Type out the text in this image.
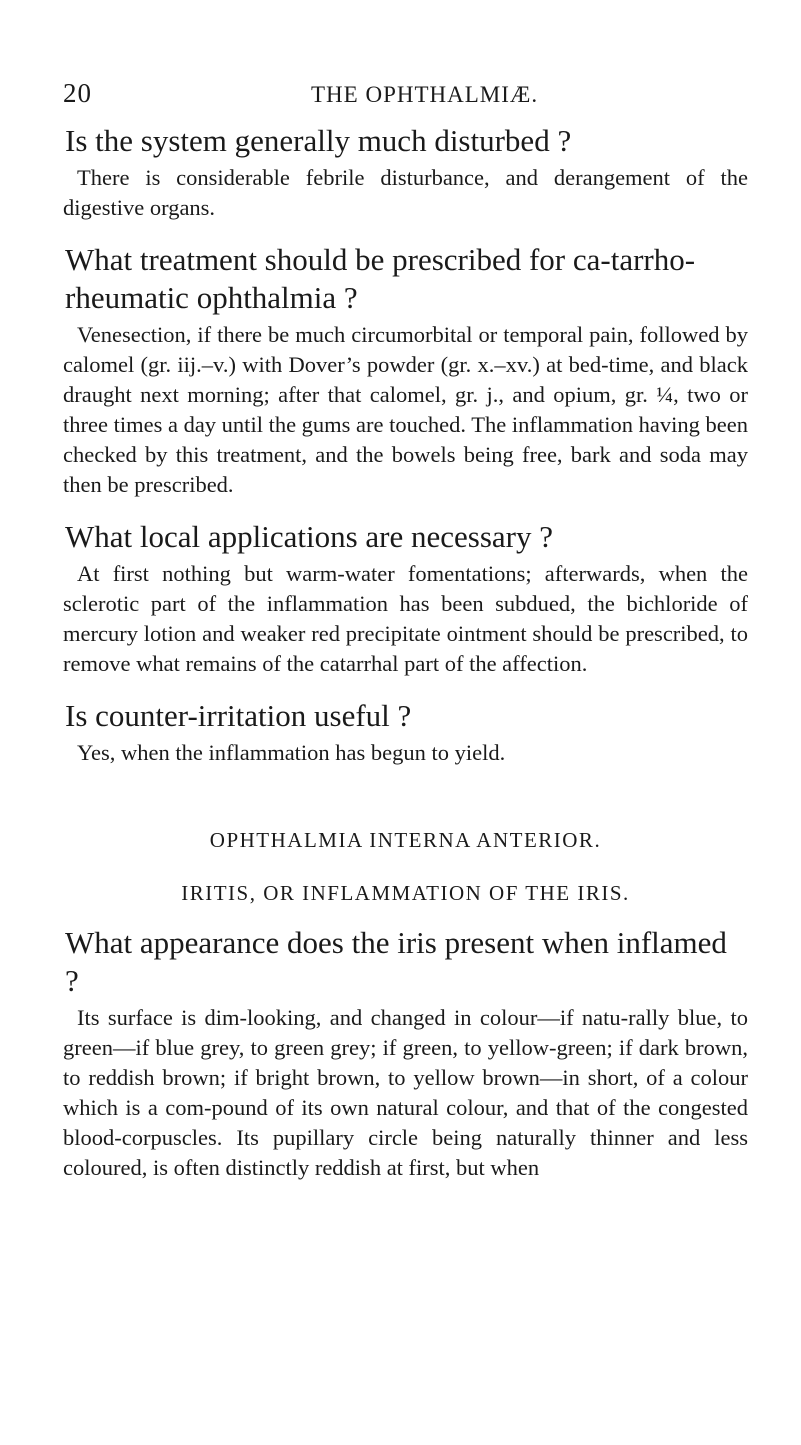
20	THE OPHTHALMIÆ.

Is the system generally much disturbed ?

There is considerable febrile disturbance, and derangement of the digestive organs.

What treatment should be prescribed for ca-tarrho-rheumatic ophthalmia ?

Venesection, if there be much circumorbital or temporal pain, followed by calomel (gr. iij.–v.) with Dover’s powder (gr. x.–xv.) at bed-time, and black draught next morning; after that calomel, gr. j., and opium, gr. ¼, two or three times a day until the gums are touched. The inflammation having been checked by this treatment, and the bowels being free, bark and soda may then be prescribed.

What local applications are necessary ?

At first nothing but warm-water fomentations; afterwards, when the sclerotic part of the inflammation has been subdued, the bichloride of mercury lotion and weaker red precipitate ointment should be prescribed, to remove what remains of the catarrhal part of the affection.

Is counter-irritation useful ?

Yes, when the inflammation has begun to yield.

OPHTHALMIA INTERNA ANTERIOR.

IRITIS, OR INFLAMMATION OF THE IRIS.

What appearance does the iris present when inflamed ?

Its surface is dim-looking, and changed in colour—if natu-rally blue, to green—if blue grey, to green grey; if green, to yellow-green; if dark brown, to reddish brown; if bright brown, to yellow brown—in short, of a colour which is a com-pound of its own natural colour, and that of the congested blood-corpuscles. Its pupillary circle being naturally thinner and less coloured, is often distinctly reddish at first, but when
